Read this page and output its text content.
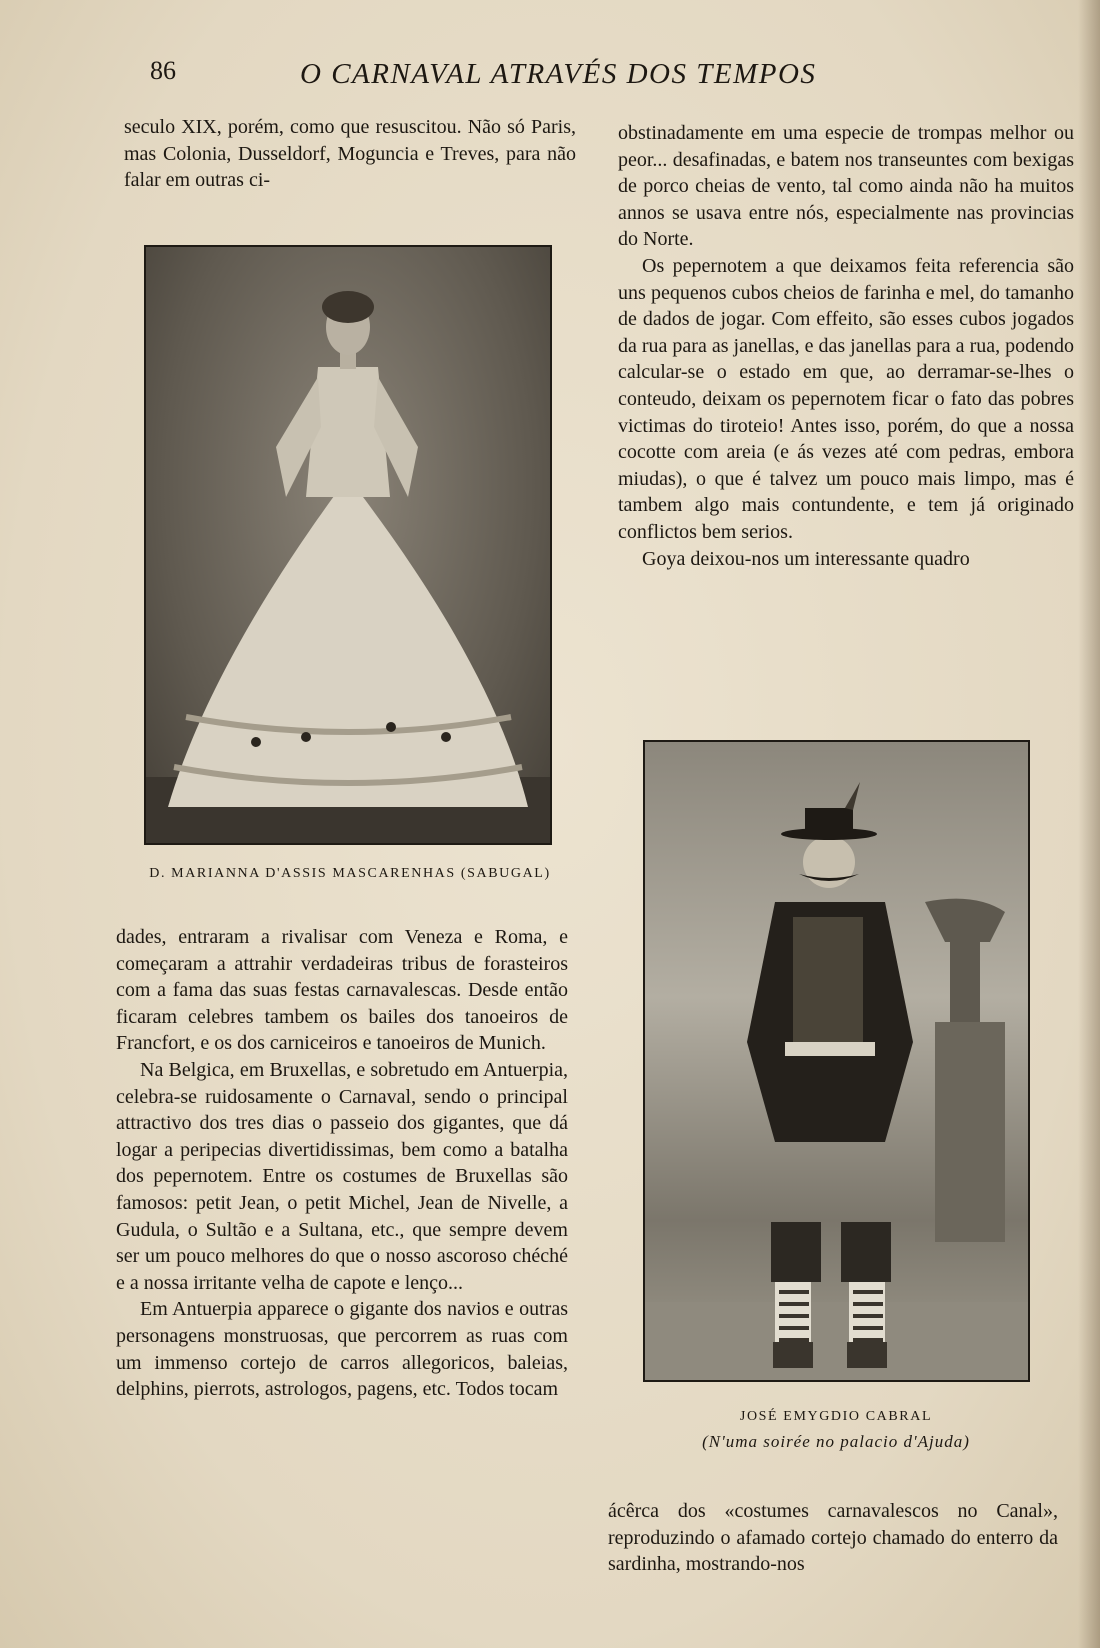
86	O CARNAVAL ATRAVÉS DOS TEMPOS

seculo XIX, porém, como que resuscitou. Não só Paris, mas Colonia, Dusseldorf, Moguncia e Treves, para não falar em outras ci-

obstinadamente em uma especie de trompas melhor ou peor... desafinadas, e batem nos transeuntes com bexigas de porco cheias de vento, tal como ainda não ha muitos annos se usava entre nós, especialmente nas provincias do Norte.

Os pepernotem a que deixamos feita referencia são uns pequenos cubos cheios de farinha e mel, do tamanho de dados de jogar. Com effeito, são esses cubos jogados da rua para as janellas, e das janellas para a rua, podendo calcular-se o estado em que, ao derramar-se-lhes o conteudo, deixam os pepernotem ficar o fato das pobres victimas do tiroteio! Antes isso, porém, do que a nossa cocotte com areia (e ás vezes até com pedras, embora miudas), o que é talvez um pouco mais limpo, mas é tambem algo mais contundente, e tem já originado conflictos bem serios.

Goya deixou-nos um interessante quadro

D. MARIANNA D'ASSIS MASCARENHAS (SABUGAL)

dades, entraram a rivalisar com Veneza e Roma, e começaram a attrahir verdadeiras tribus de forasteiros com a fama das suas festas carnavalescas. Desde então ficaram celebres tambem os bailes dos tanoeiros de Francfort, e os dos carniceiros e tanoeiros de Munich.

Na Belgica, em Bruxellas, e sobretudo em Antuerpia, celebra-se ruidosamente o Carnaval, sendo o principal attractivo dos tres dias o passeio dos gigantes, que dá logar a peripecias divertidissimas, bem como a batalha dos pepernotem. Entre os costumes de Bruxellas são famosos: petit Jean, o petit Michel, Jean de Nivelle, a Gudula, o Sultão e a Sultana, etc., que sempre devem ser um pouco melhores do que o nosso ascoroso chéché e a nossa irritante velha de capote e lenço...

Em Antuerpia apparece o gigante dos navios e outras personagens monstruosas, que percorrem as ruas com um immenso cortejo de carros allegoricos, baleias, delphins, pierrots, astrologos, pagens, etc. Todos tocam

JOSÉ EMYGDIO CABRAL
(N'uma soirée no palacio d'Ajuda)

ácêrca dos «costumes carnavalescos no Canal», reproduzindo o afamado cortejo chamado do enterro da sardinha, mostrando-nos
